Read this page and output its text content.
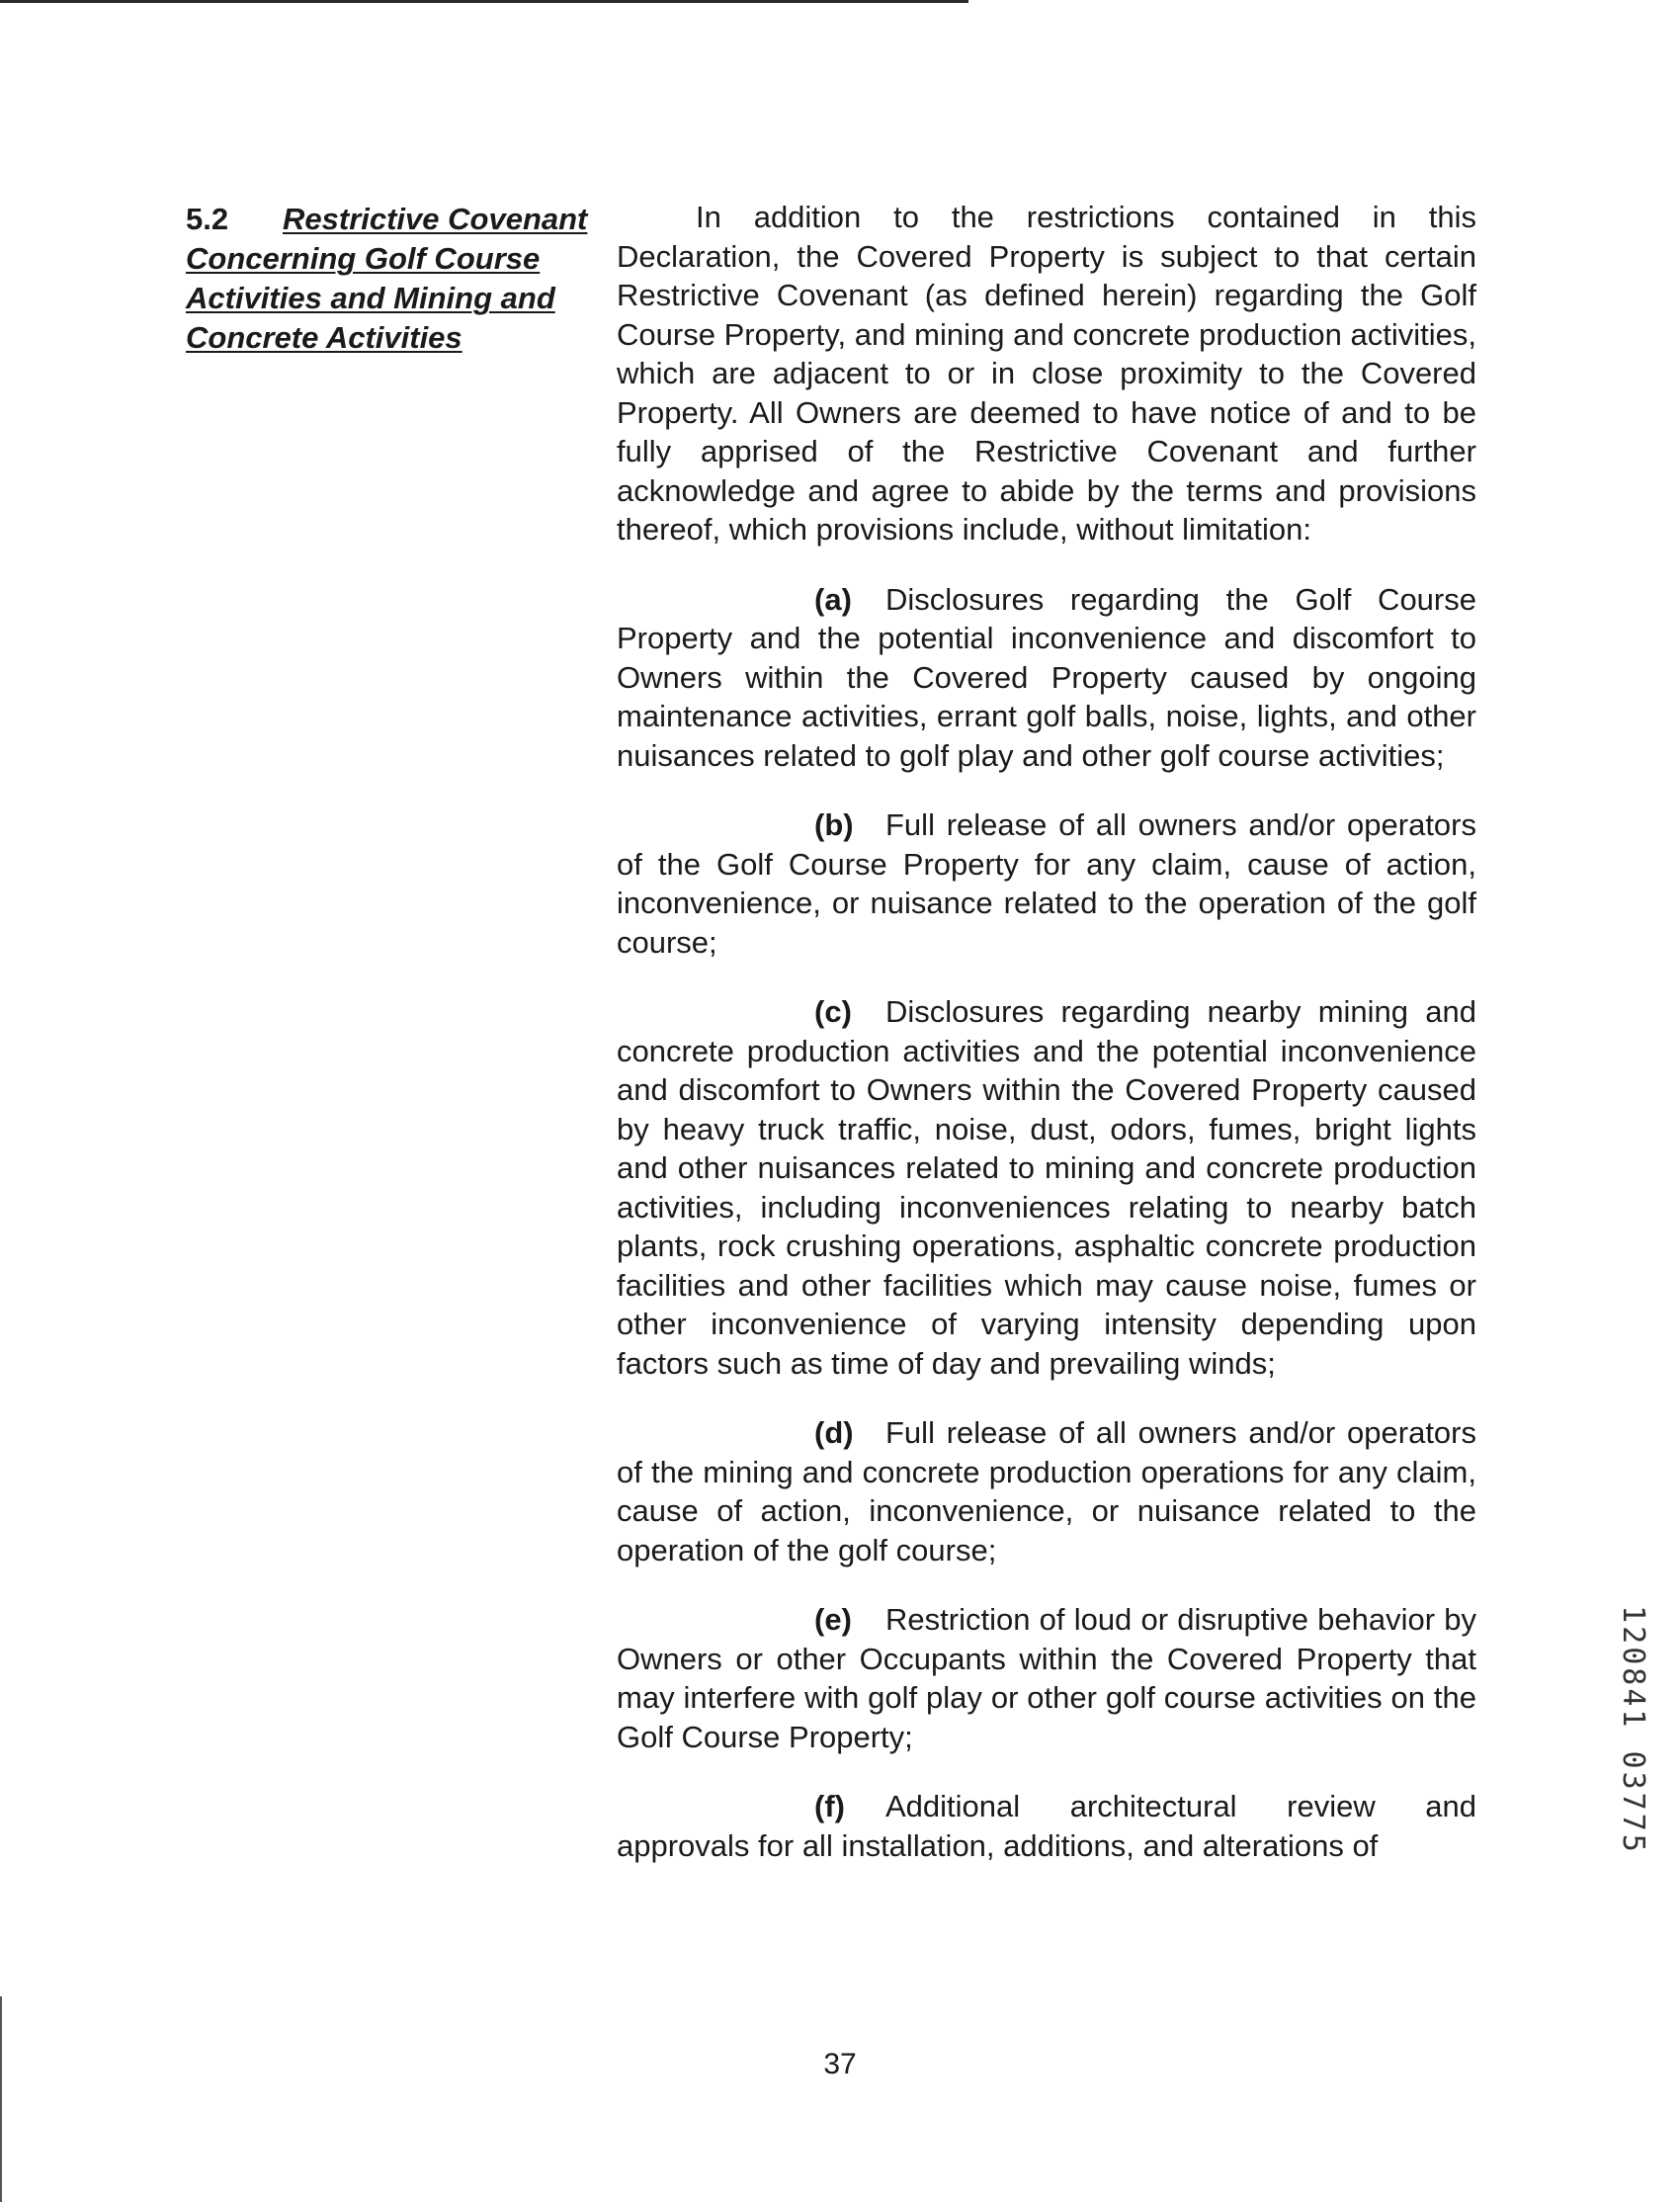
5.2 Restrictive Covenant Concerning Golf Course Activities and Mining and Concrete Activities

In addition to the restrictions contained in this Declaration, the Covered Property is subject to that certain Restrictive Covenant (as defined herein) regarding the Golf Course Property, and mining and concrete production activities, which are adjacent to or in close proximity to the Covered Property. All Owners are deemed to have notice of and to be fully apprised of the Restrictive Covenant and further acknowledge and agree to abide by the terms and provisions thereof, which provisions include, without limitation:

(a) Disclosures regarding the Golf Course Property and the potential inconvenience and discomfort to Owners within the Covered Property caused by ongoing maintenance activities, errant golf balls, noise, lights, and other nuisances related to golf play and other golf course activities;

(b) Full release of all owners and/or operators of the Golf Course Property for any claim, cause of action, inconvenience, or nuisance related to the operation of the golf course;

(c) Disclosures regarding nearby mining and concrete production activities and the potential inconvenience and discomfort to Owners within the Covered Property caused by heavy truck traffic, noise, dust, odors, fumes, bright lights and other nuisances related to mining and concrete production activities, including inconveniences relating to nearby batch plants, rock crushing operations, asphaltic concrete production facilities and other facilities which may cause noise, fumes or other inconvenience of varying intensity depending upon factors such as time of day and prevailing winds;

(d) Full release of all owners and/or operators of the mining and concrete production operations for any claim, cause of action, inconvenience, or nuisance related to the operation of the golf course;

(e) Restriction of loud or disruptive behavior by Owners or other Occupants within the Covered Property that may interfere with golf play or other golf course activities on the Golf Course Property;

(f) Additional architectural review and approvals for all installation, additions, and alterations of

37
120841 03775
